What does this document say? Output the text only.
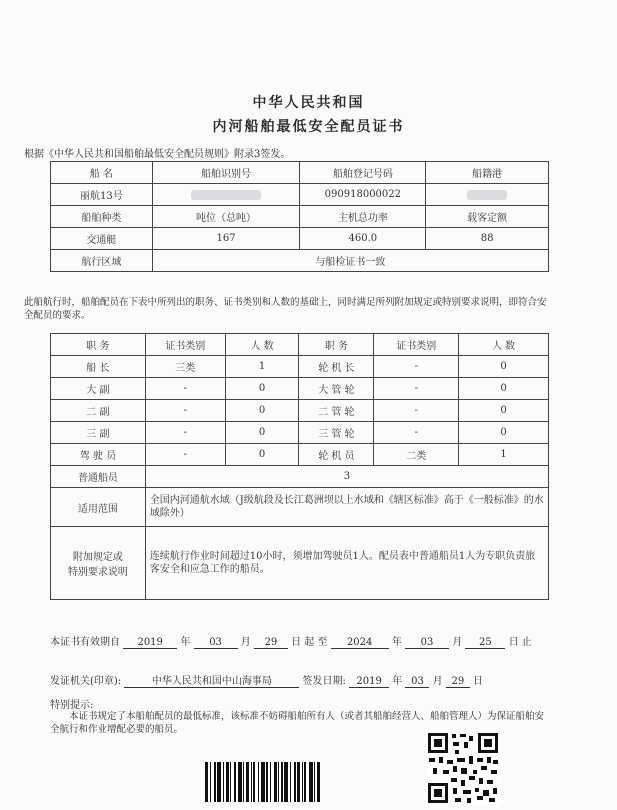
中华人民共和国
内河船舶最低安全配员证书
根据《中华人民共和国船舶最低安全配员规则》附录3签发。
船 名	船舶识别号	船舶登记号码	船籍港
丽航13号		090918000022	
船舶种类	吨位（总吨）	主机总功率	载客定额
交通艇	167	460.0	88
航行区域	与船检证书一致		
此船航行时，船舶配员在下表中所列出的职务、证书类别和人数的基础上，同时满足所列附加规定或特别要求说明，即符合安全配员的要求。
职 务	证书类别	人 数	职 务	证书类别	人 数
船 长	三类	1	轮 机 长	-	0
大 副	-	0	大 管 轮	-	0
二 副	-	0	二 管 轮	-	0
三 副	-	0	三 管 轮	-	0
驾 驶 员	-	0	轮 机 员	二类	1
普通船员	3				
适用范围	全国内河通航水域（J级航段及长江葛洲坝以上水域和《辖区标准》高于《一般标准》的水域除外）				

附加规定或
特别要求说明	连续航行作业时间超过10小时，须增加驾驶员1人。配员表中普通船员1人为专职负责旅客安全和应急工作的船员。				
本证书有效期自 2019 年 03 月 29 日 起 至 2024 年 03 月 25 日 止
发证机关(印章):	中华人民共和国中山海事局	签发日期: 2019 年 03 月 29 日
特别提示:
本证书规定了本船舶配员的最低标准，该标准不妨碍船舶所有人（或者其船舶经营人、船舶管理人）为保证船舶安全航行和作业增配必要的船员。
